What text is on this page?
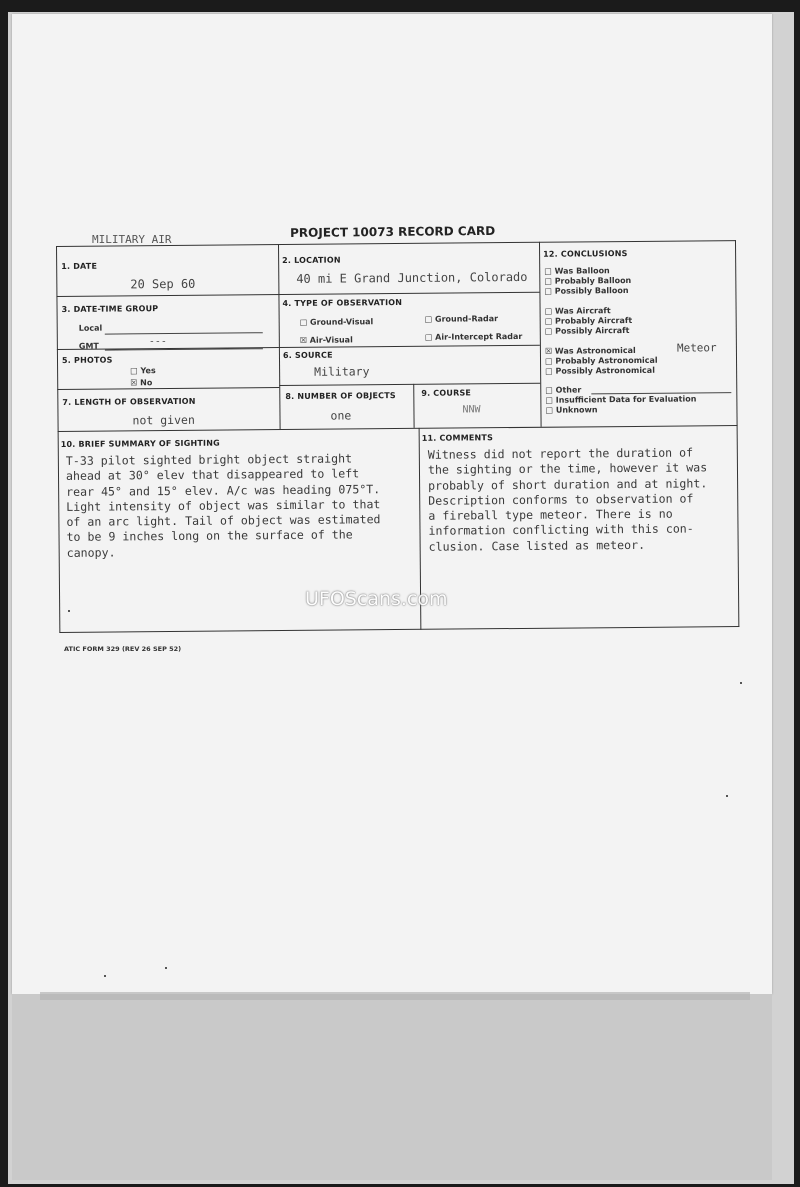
MILITARY AIR	PROJECT 10073 RECORD CARD
1. DATE
20 Sep 60
2. LOCATION
40 mi E Grand Junction, Colorado
3. DATE-TIME GROUP
Local
GMT	---
4. TYPE OF OBSERVATION
□ Ground-Visual	□ Ground-Radar
☒ Air-Visual	□ Air-Intercept Radar
5. PHOTOS
□ Yes
☒ No
6. SOURCE
Military
7. LENGTH OF OBSERVATION
not given
8. NUMBER OF OBJECTS
one
9. COURSE
NNW
12. CONCLUSIONS
□ Was Balloon
□ Probably Balloon
□ Possibly Balloon
□ Was Aircraft
□ Probably Aircraft
□ Possibly Aircraft
☒ Was Astronomical
□ Probably Astronomical
□ Possibly Astronomical
Meteor
□ Other
□ Insufficient Data for Evaluation
□ Unknown
10. BRIEF SUMMARY OF SIGHTING
T-33 pilot sighted bright object straight
ahead at 30° elev that disappeared to left
rear 45° and 15° elev. A/c was heading 075°T.
Light intensity of object was similar to that
of an arc light. Tail of object was estimated
to be 9 inches long on the surface of the
canopy.
11. COMMENTS
Witness did not report the duration of
the sighting or the time, however it was
probably of short duration and at night.
Description conforms to observation of
a fireball type meteor. There is no
information conflicting with this con-
clusion. Case listed as meteor.
ATIC FORM 329 (REV 26 SEP 52)
UFOScans.com
